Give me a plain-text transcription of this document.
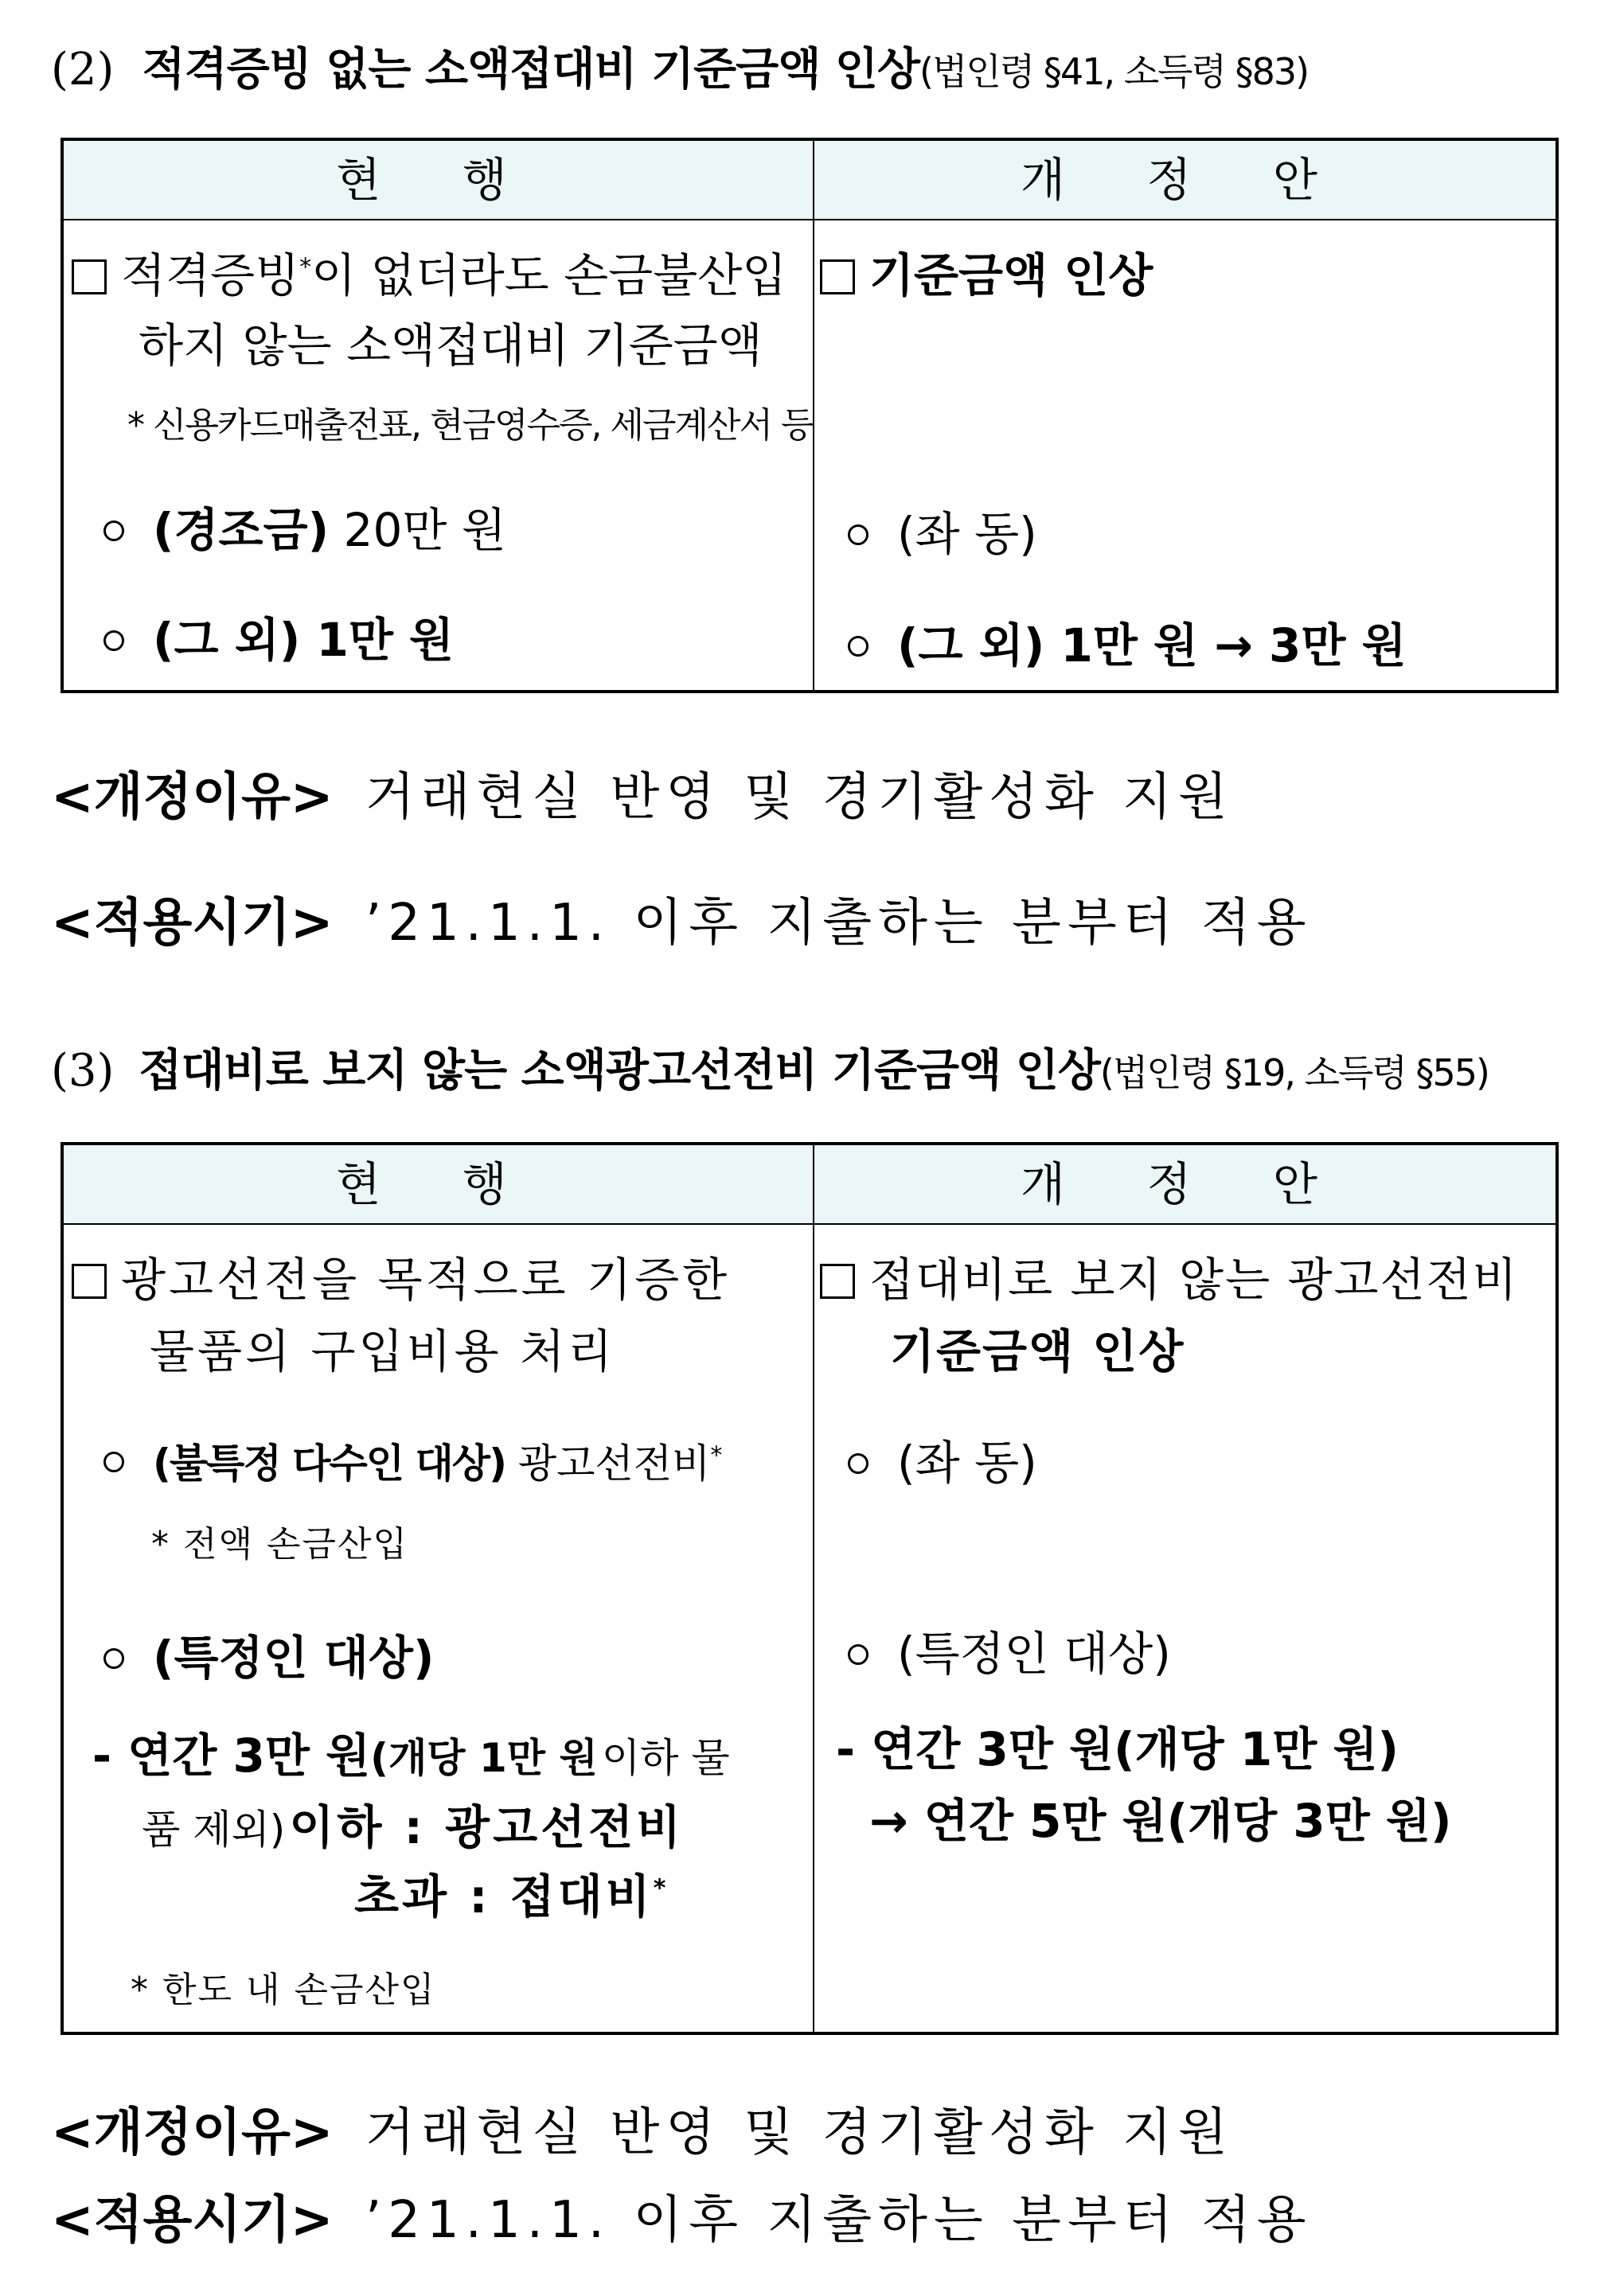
(2) 적격증빙 없는 소액접대비 기준금액 인상(법인령 §41, 소득령 §83)
현 행	개 정 안
적격증빙*이 없더라도 손금불산입
하지 않는 소액접대비 기준금액
* 신용카드매출전표, 현금영수증, 세금계산서 등
(경조금) 20만 원
(그 외) 1만 원
기준금액 인상
(좌 동)
(그 외) 1만 원 → 3만 원
<개정이유> 거래현실 반영 및 경기활성화 지원
<적용시기> ’21.1.1. 이후 지출하는 분부터 적용
(3) 접대비로 보지 않는 소액광고선전비 기준금액 인상(법인령 §19, 소득령 §55)
현 행	개 정 안
광고선전을 목적으로 기증한
물품의 구입비용 처리
(불특정 다수인 대상) 광고선전비*
* 전액 손금산입
(특정인 대상)
- 연간 3만 원(개당 1만 원 이하 물
품 제외) 이하 : 광고선전비
초과 : 접대비*
* 한도 내 손금산입
접대비로 보지 않는 광고선전비
기준금액 인상
(좌 동)
(특정인 대상)
- 연간 3만 원(개당 1만 원)
→ 연간 5만 원(개당 3만 원)
<개정이유> 거래현실 반영 및 경기활성화 지원
<적용시기> ’21.1.1. 이후 지출하는 분부터 적용
